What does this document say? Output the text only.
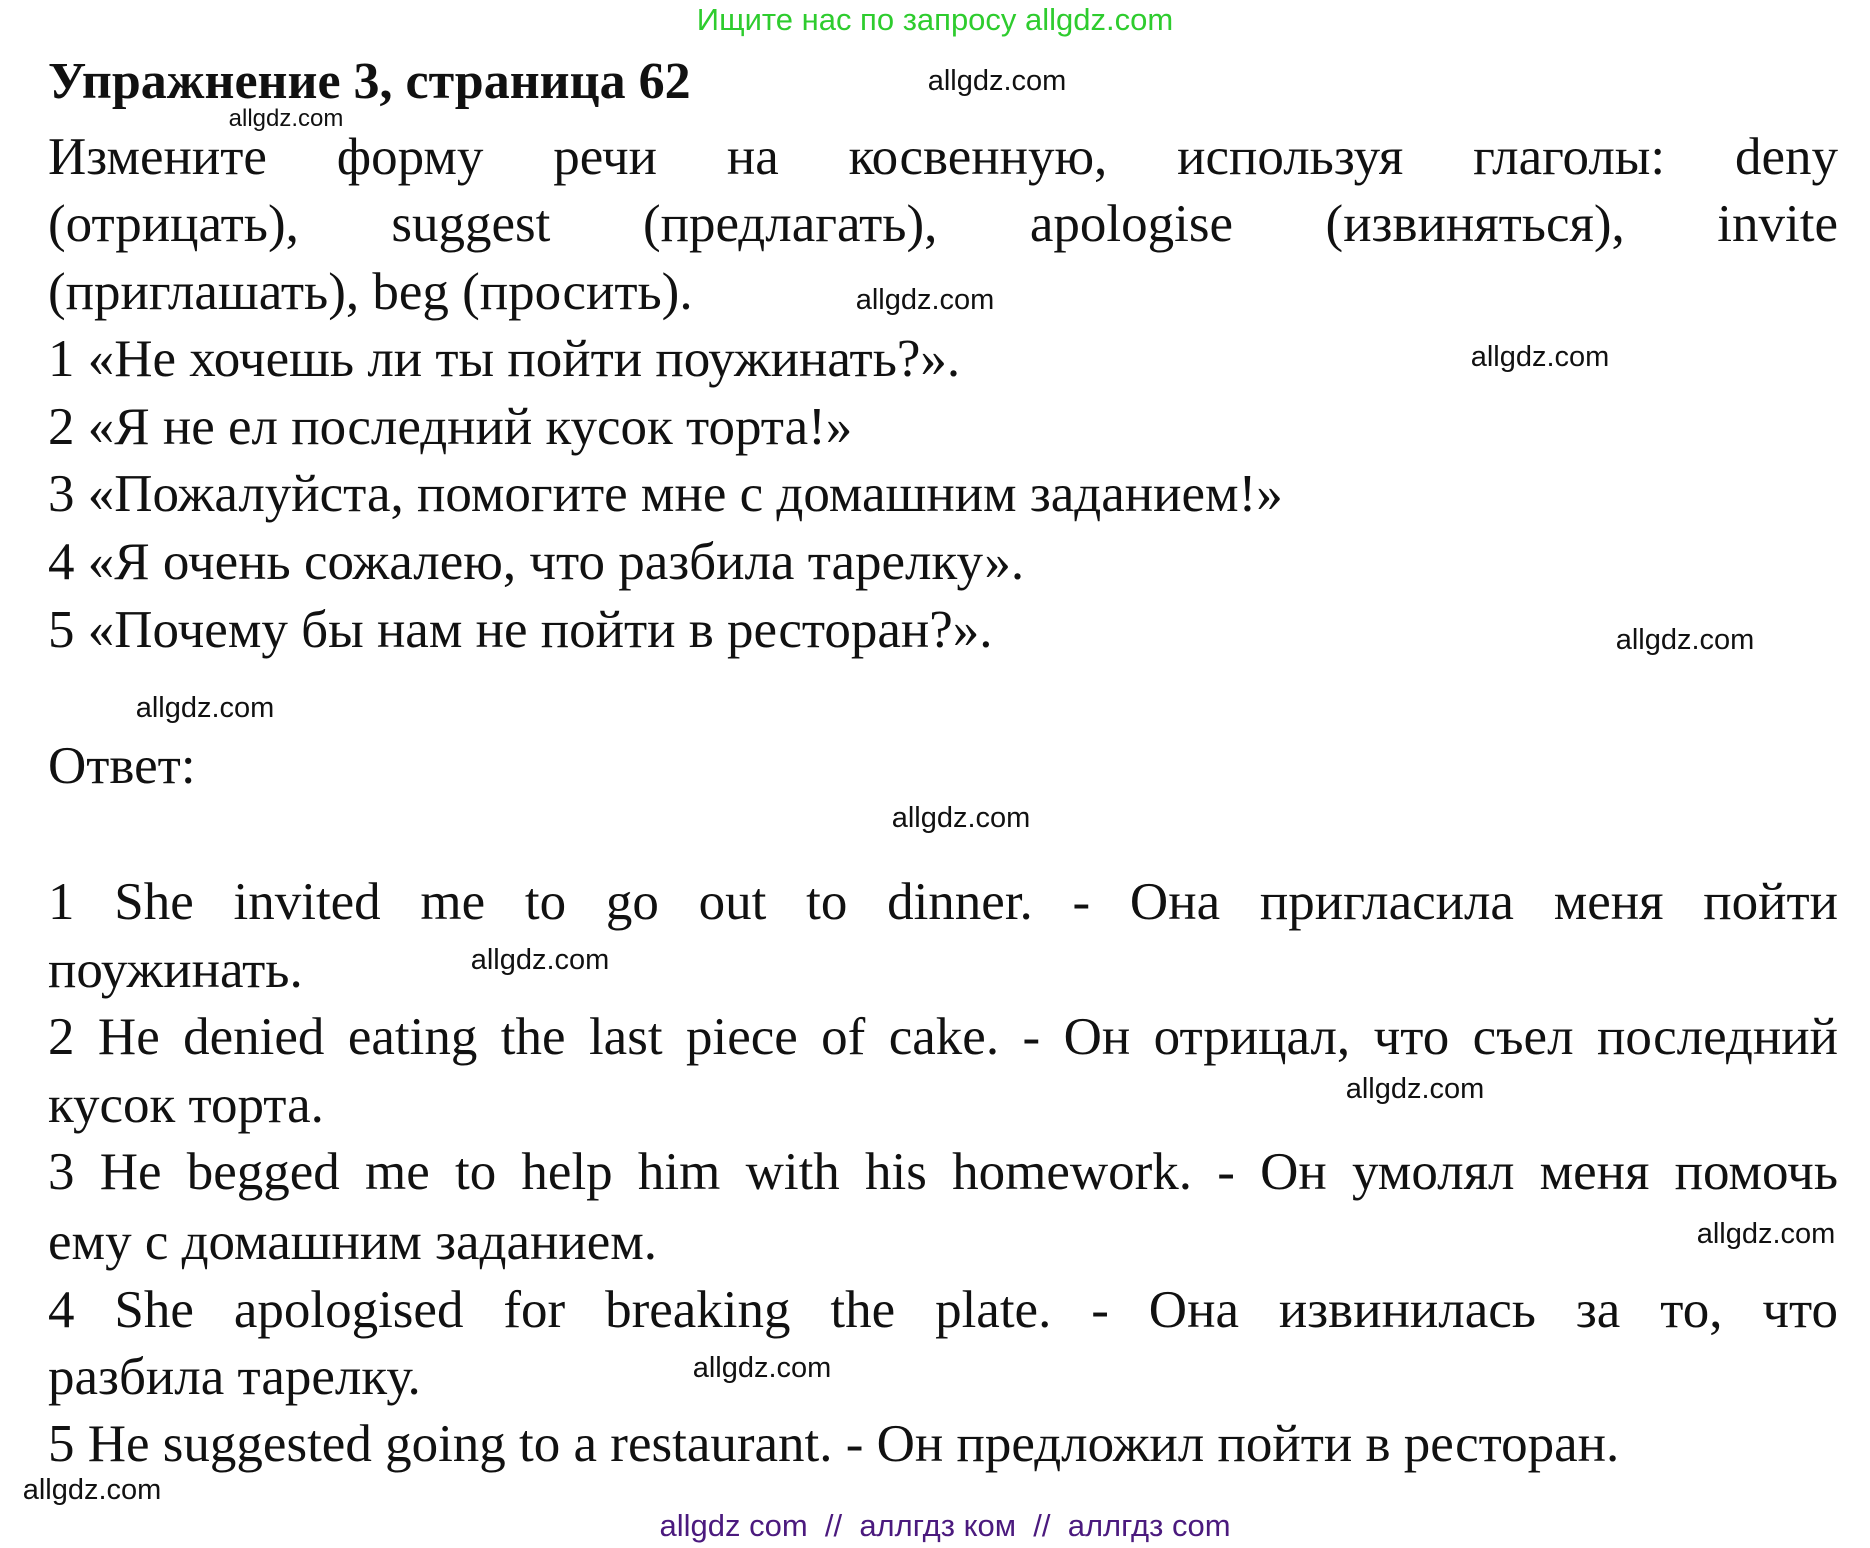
Ищите нас по запросу allgdz.com
Упражнение 3, страница 62
Измените форму речи на косвенную, используя глаголы: deny
(отрицать), suggest (предлагать), apologise (извиняться), invite
(приглашать), beg (просить).
1 «Не хочешь ли ты пойти поужинать?».
2 «Я не ел последний кусок торта!»
3 «Пожалуйста, помогите мне с домашним заданием!»
4 «Я очень сожалею, что разбила тарелку».
5 «Почему бы нам не пойти в ресторан?».
Ответ:
1 She invited me to go out to dinner. - Она пригласила меня пойти
поужинать.
2 He denied eating the last piece of cake. - Он отрицал, что съел последний
кусок торта.
3 He begged me to help him with his homework. - Он умолял меня помочь
ему с домашним заданием.
4 She apologised for breaking the plate. - Она извинилась за то, что
разбила тарелку.
5 He suggested going to a restaurant. - Он предложил пойти в ресторан.
allgdz.com
allgdz.com
allgdz.com
allgdz.com
allgdz.com
allgdz.com
allgdz.com
allgdz.com
allgdz.com
allgdz.com
allgdz.com
allgdz.com
allgdz com  //  аллгдз ком  //  аллгдз com
